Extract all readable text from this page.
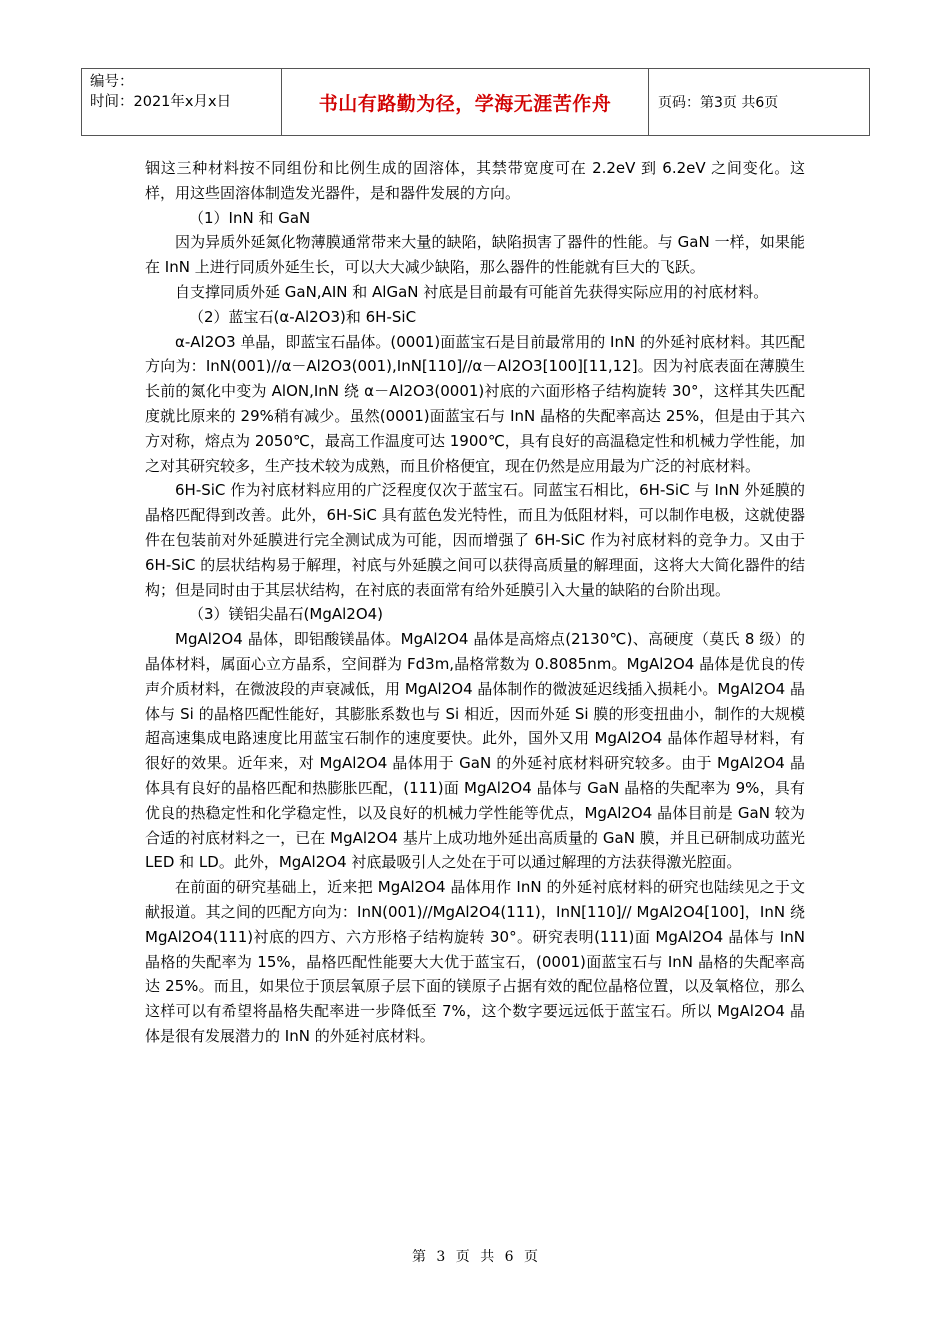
编号：
时间：2021年x月x日	书山有路勤为径，学海无涯苦作舟	页码：第3页 共6页

铟这三种材料按不同组份和比例生成的固溶体，其禁带宽度可在 2.2eV 到 6.2eV 之间变化。这样，用这些固溶体制造发光器件，是和器件发展的方向。

（1）InN 和 GaN

因为异质外延氮化物薄膜通常带来大量的缺陷，缺陷损害了器件的性能。与 GaN 一样，如果能在 InN 上进行同质外延生长，可以大大减少缺陷，那么器件的性能就有巨大的飞跃。

自支撑同质外延 GaN,AIN 和 AlGaN 衬底是目前最有可能首先获得实际应用的衬底材料。

（2）蓝宝石(α-Al2O3)和 6H-SiC

α-Al2O3 单晶，即蓝宝石晶体。(0001)面蓝宝石是目前最常用的 InN 的外延衬底材料。其匹配方向为：InN(001)//α－Al2O3(001),InN[110]//α－Al2O3[100][11,12]。因为衬底表面在薄膜生长前的氮化中变为 AlON,InN 绕 α－Al2O3(0001)衬底的六面形格子结构旋转 30°，这样其失匹配度就比原来的 29%稍有减少。虽然(0001)面蓝宝石与 InN 晶格的失配率高达 25%，但是由于其六方对称，熔点为 2050℃，最高工作温度可达 1900℃，具有良好的高温稳定性和机械力学性能，加之对其研究较多，生产技术较为成熟，而且价格便宜，现在仍然是应用最为广泛的衬底材料。

6H-SiC 作为衬底材料应用的广泛程度仅次于蓝宝石。同蓝宝石相比，6H-SiC 与 InN 外延膜的晶格匹配得到改善。此外，6H-SiC 具有蓝色发光特性，而且为低阻材料，可以制作电极，这就使器件在包装前对外延膜进行完全测试成为可能，因而增强了 6H-SiC 作为衬底材料的竞争力。又由于 6H-SiC 的层状结构易于解理，衬底与外延膜之间可以获得高质量的解理面，这将大大简化器件的结构；但是同时由于其层状结构，在衬底的表面常有给外延膜引入大量的缺陷的台阶出现。

（3）镁铝尖晶石(MgAl2O4)

MgAl2O4 晶体，即铝酸镁晶体。MgAl2O4 晶体是高熔点(2130℃)、高硬度（莫氏 8 级）的晶体材料，属面心立方晶系，空间群为 Fd3m,晶格常数为 0.8085nm。MgAl2O4 晶体是优良的传声介质材料，在微波段的声衰减低，用 MgAl2O4 晶体制作的微波延迟线插入损耗小。MgAl2O4 晶体与 Si 的晶格匹配性能好，其膨胀系数也与 Si 相近，因而外延 Si 膜的形变扭曲小，制作的大规模超高速集成电路速度比用蓝宝石制作的速度要快。此外，国外又用 MgAl2O4 晶体作超导材料，有很好的效果。近年来，对 MgAl2O4 晶体用于 GaN 的外延衬底材料研究较多。由于 MgAl2O4 晶体具有良好的晶格匹配和热膨胀匹配，(111)面 MgAl2O4 晶体与 GaN 晶格的失配率为 9%，具有优良的热稳定性和化学稳定性，以及良好的机械力学性能等优点，MgAl2O4 晶体目前是 GaN 较为合适的衬底材料之一，已在 MgAl2O4 基片上成功地外延出高质量的 GaN 膜，并且已研制成功蓝光 LED 和 LD。此外，MgAl2O4 衬底最吸引人之处在于可以通过解理的方法获得激光腔面。

在前面的研究基础上，近来把 MgAl2O4 晶体用作 InN 的外延衬底材料的研究也陆续见之于文献报道。其之间的匹配方向为：InN(001)//MgAl2O4(111)，InN[110]// MgAl2O4[100]，InN 绕 MgAl2O4(111)衬底的四方、六方形格子结构旋转 30°。研究表明(111)面 MgAl2O4 晶体与 InN 晶格的失配率为 15%，晶格匹配性能要大大优于蓝宝石，(0001)面蓝宝石与 InN 晶格的失配率高达 25%。而且，如果位于顶层氧原子层下面的镁原子占据有效的配位晶格位置，以及氧格位，那么这样可以有希望将晶格失配率进一步降低至 7%，这个数字要远远低于蓝宝石。所以 MgAl2O4 晶体是很有发展潜力的 InN 的外延衬底材料。

第 3 页 共 6 页
